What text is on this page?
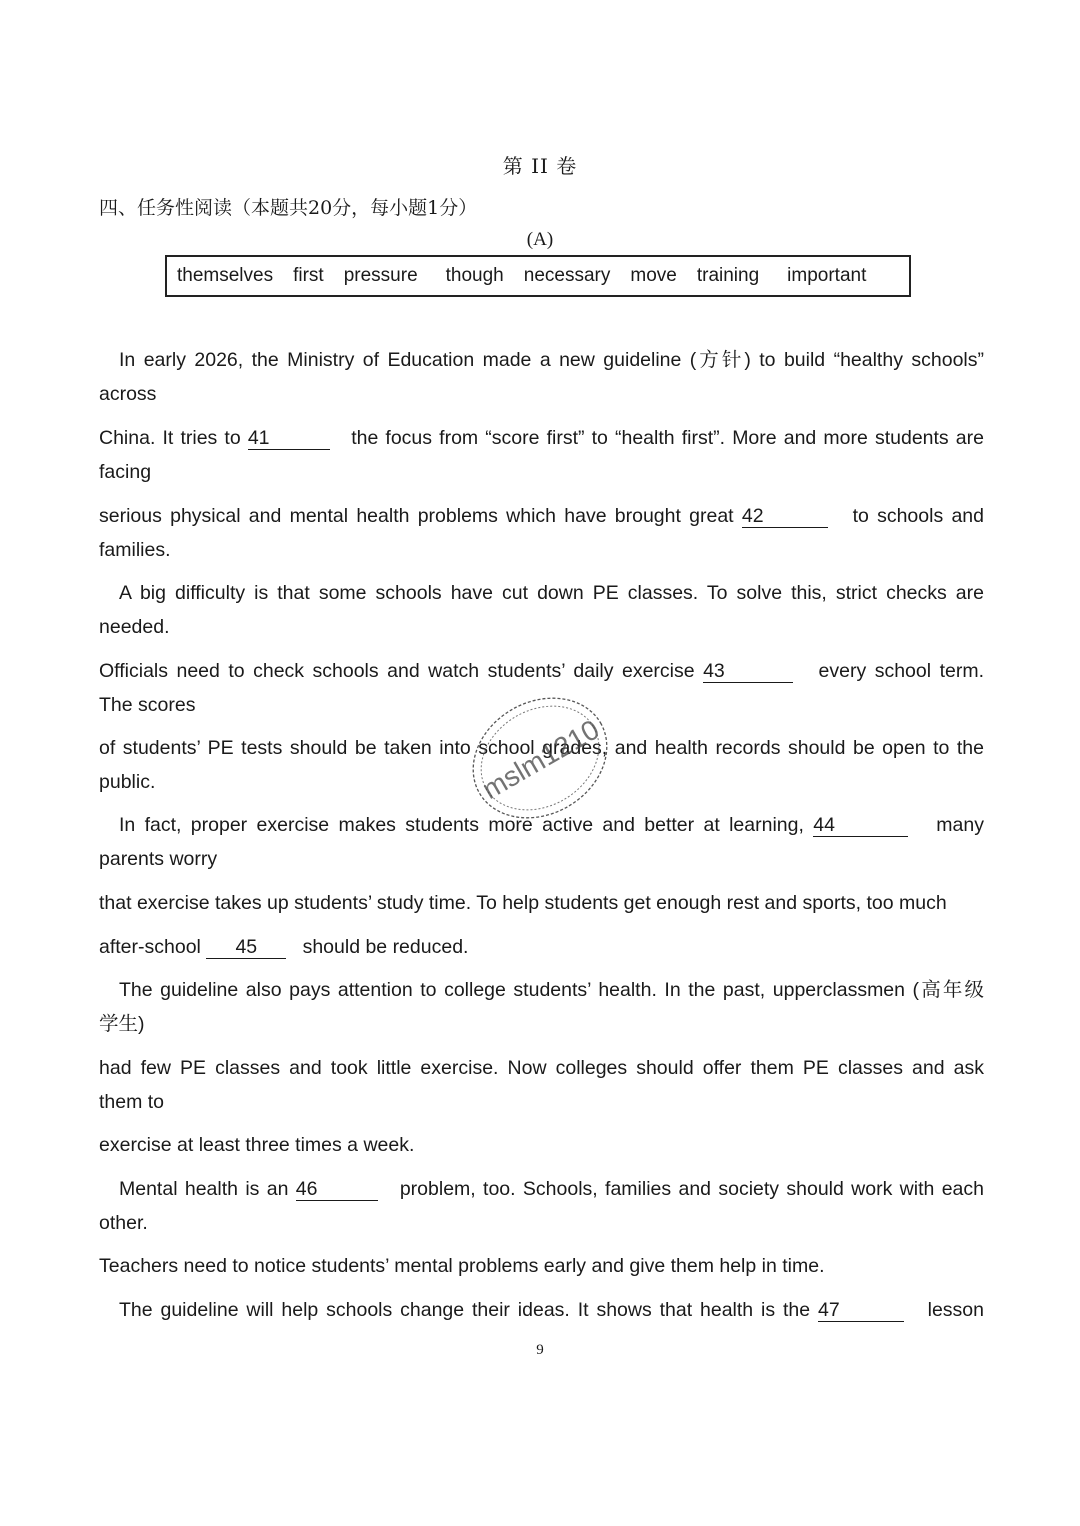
第 II 卷
四、任务性阅读（本题共20分，每小题1分）
(A)
themselves first pressure though necessary move training important
In early 2026, the Ministry of Education made a new guideline (方针) to build “healthy schools”
across
China. It tries to 41	the focus from “score first” to “health first”. More and more students are
facing
serious physical and mental health problems which have brought great 42	to schools and
families.
A big difficulty is that some schools have cut down PE classes. To solve this, strict checks are
needed.
Officials need to check schools and watch students’ daily exercise 43	every school term.
The scores
of students’ PE tests should be taken into school grades, and health records should be open to the
public.
In fact, proper exercise makes students more active and better at learning, 44	many
parents worry
that exercise takes up students’ study time. To help students get enough rest and sports, too much
after-school 45 should be reduced.
The guideline also pays attention to college students’ health. In the past, upperclassmen (高年级
学生)
had few PE classes and took little exercise. Now colleges should offer them PE classes and ask
them to
exercise at least three times a week.
Mental health is an 46	problem, too. Schools, families and society should work with each
other.
Teachers need to notice students’ mental problems early and give them help in time.
The guideline will help schools change their ideas. It shows that health is the 47	lesson
9
mslm1210
